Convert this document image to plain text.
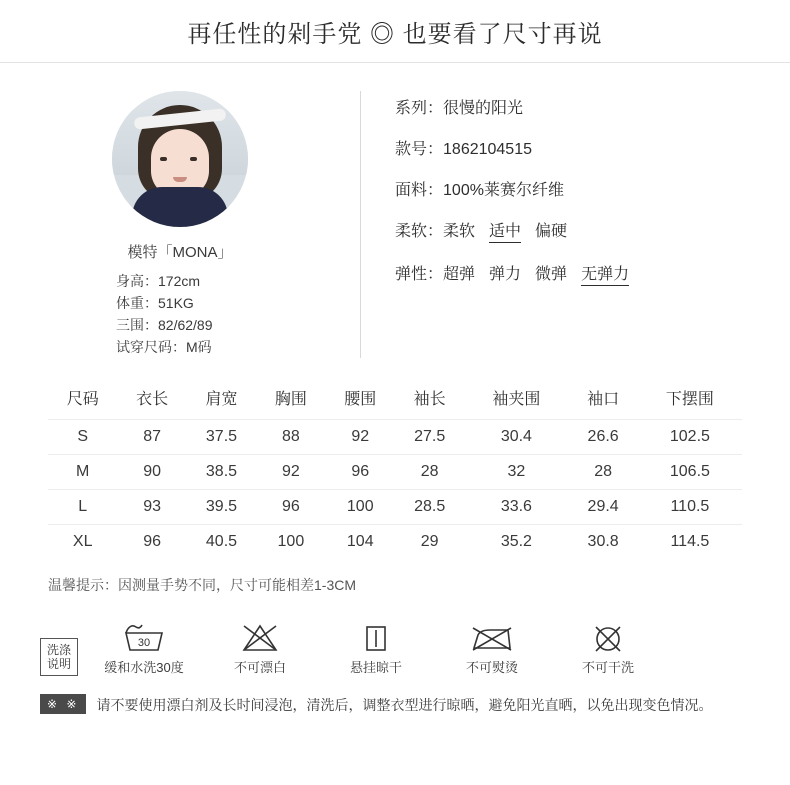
再任性的剁手党 ◎ 也要看了尺寸再说
模特「MONA」
身高：172cm
体重：51KG
三围：82/62/89
试穿尺码：M码
系列： 很慢的阳光
款号： 1862104515
面料： 100%莱赛尔纤维
柔软： 柔软 适中 偏硬
弹性： 超弹 弹力 微弹 无弹力
尺码	衣长	肩宽	胸围	腰围	袖长	袖夹围	袖口	下摆围
S	87	37.5	88	92	27.5	30.4	26.6	102.5
M	90	38.5	92	96	28	32	28	106.5
L	93	39.5	96	100	28.5	33.6	29.4	110.5
XL	96	40.5	100	104	29	35.2	30.8	114.5
温馨提示：因测量手势不同，尺寸可能相差1-3CM
洗涤
说明
30
缓和水洗30度	不可漂白	悬挂晾干	不可熨烫	不可干洗
※ ※	请不要使用漂白剂及长时间浸泡，清洗后，调整衣型进行晾晒，避免阳光直晒，以免出现变色情况。
